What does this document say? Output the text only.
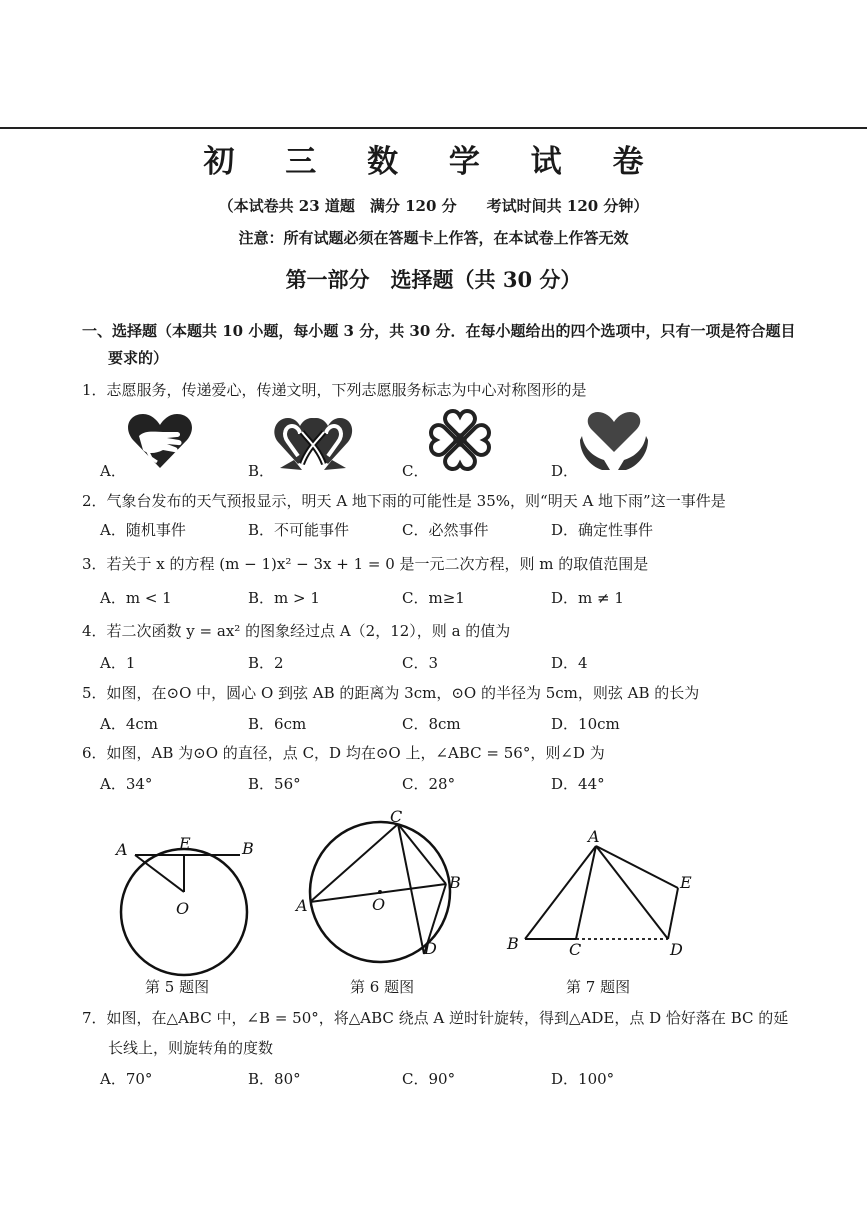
初 三 数 学 试 卷
（本试卷共 23 道题　满分 120 分　　考试时间共 120 分钟）
注意：所有试题必须在答题卡上作答，在本试卷上作答无效
第一部分　选择题（共 30 分）
一、选择题（本题共 10 小题，每小题 3 分，共 30 分．在每小题给出的四个选项中，只有一项是符合题目
要求的）
1．志愿服务，传递爱心，传递文明，下列志愿服务标志为中心对称图形的是
A．	B．	C．	D．
2．气象台发布的天气预报显示，明天 A 地下雨的可能性是 35%，则“明天 A 地下雨”这一事件是
A．随机事件	B．不可能事件	C．必然事件	D．确定性事件
3．若关于 x 的方程 (m − 1)x² − 3x + 1 = 0 是一元二次方程，则 m 的取值范围是
A．m < 1	B．m > 1	C．m≥1	D．m ≠ 1
4．若二次函数 y = ax² 的图象经过点 A（2，12），则 a 的值为
A．1	B．2	C．3	D．4
5．如图，在⊙O 中，圆心 O 到弦 AB 的距离为 3cm，⊙O 的半径为 5cm，则弦 AB 的长为
A．4cm	B．6cm	C．8cm	D．10cm
6．如图，AB 为⊙O 的直径，点 C，D 均在⊙O 上，∠ABC = 56°，则∠D 为
A．34°	B．56°	C．28°	D．44°
A	B
E
O
第 5 题图
C
A
B
D
O
第 6 题图
A
B	C	D
E
第 7 题图
7．如图，在△ABC 中，∠B = 50°，将△ABC 绕点 A 逆时针旋转，得到△ADE，点 D 恰好落在 BC 的延
长线上，则旋转角的度数
A．70°	B．80°	C．90°	D．100°
